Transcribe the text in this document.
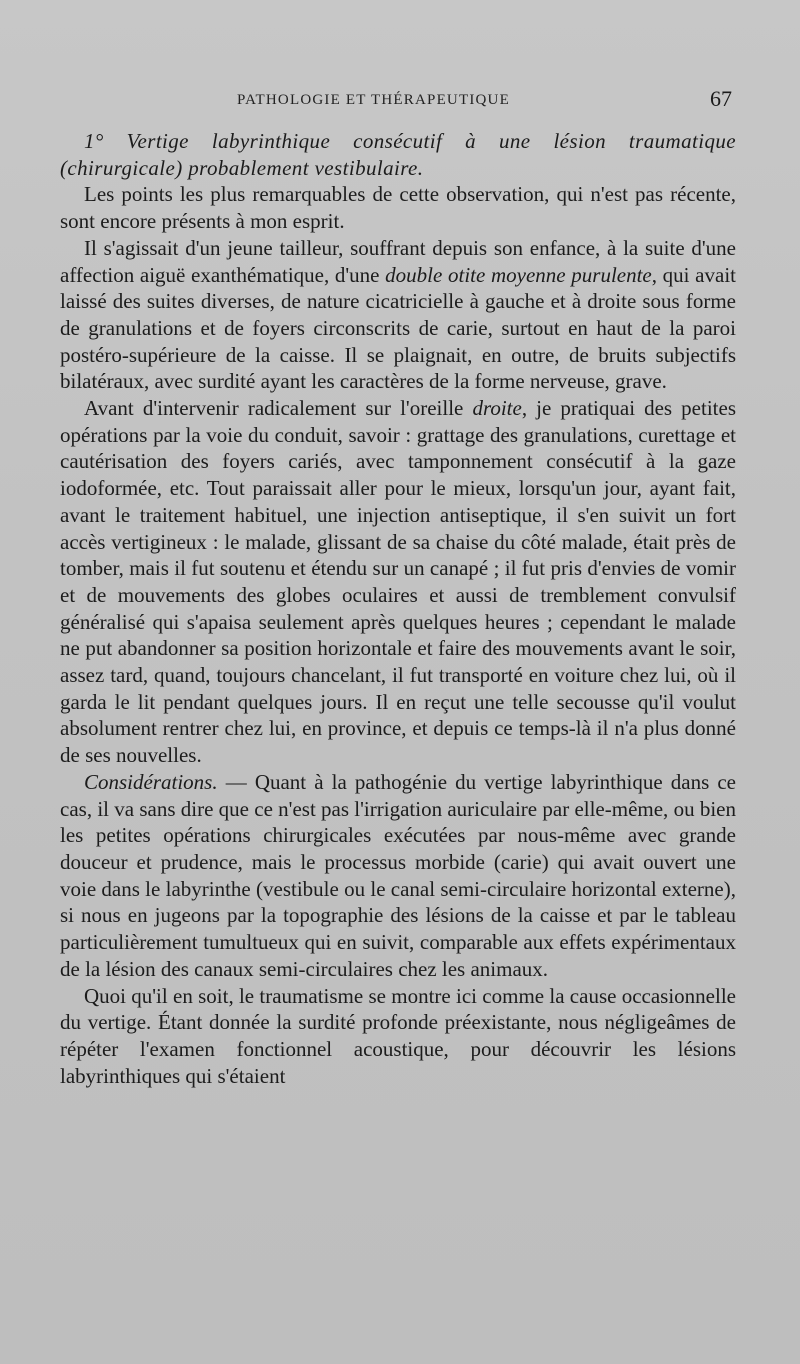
PATHOLOGIE ET THÉRAPEUTIQUE	67

1° Vertige labyrinthique consécutif à une lésion traumatique (chirurgicale) probablement vestibulaire.

Les points les plus remarquables de cette observation, qui n'est pas récente, sont encore présents à mon esprit.

Il s'agissait d'un jeune tailleur, souffrant depuis son enfance, à la suite d'une affection aiguë exanthématique, d'une double otite moyenne purulente, qui avait laissé des suites diverses, de nature cicatricielle à gauche et à droite sous forme de granulations et de foyers circonscrits de carie, surtout en haut de la paroi postéro-supérieure de la caisse. Il se plaignait, en outre, de bruits subjectifs bilatéraux, avec surdité ayant les caractères de la forme nerveuse, grave.

Avant d'intervenir radicalement sur l'oreille droite, je pratiquai des petites opérations par la voie du conduit, savoir : grattage des granulations, curettage et cautérisation des foyers cariés, avec tamponnement consécutif à la gaze iodoformée, etc. Tout paraissait aller pour le mieux, lorsqu'un jour, ayant fait, avant le traitement habituel, une injection antiseptique, il s'en suivit un fort accès vertigineux : le malade, glissant de sa chaise du côté malade, était près de tomber, mais il fut soutenu et étendu sur un canapé ; il fut pris d'envies de vomir et de mouvements des globes oculaires et aussi de tremblement convulsif généralisé qui s'apaisa seulement après quelques heures ; cependant le malade ne put abandonner sa position horizontale et faire des mouvements avant le soir, assez tard, quand, toujours chancelant, il fut transporté en voiture chez lui, où il garda le lit pendant quelques jours. Il en reçut une telle secousse qu'il voulut absolument rentrer chez lui, en province, et depuis ce temps-là il n'a plus donné de ses nouvelles.

Considérations. — Quant à la pathogénie du vertige labyrinthique dans ce cas, il va sans dire que ce n'est pas l'irrigation auriculaire par elle-même, ou bien les petites opérations chirurgicales exécutées par nous-même avec grande douceur et prudence, mais le processus morbide (carie) qui avait ouvert une voie dans le labyrinthe (vestibule ou le canal semi-circulaire horizontal externe), si nous en jugeons par la topographie des lésions de la caisse et par le tableau particulièrement tumultueux qui en suivit, comparable aux effets expérimentaux de la lésion des canaux semi-circulaires chez les animaux.

Quoi qu'il en soit, le traumatisme se montre ici comme la cause occasionnelle du vertige. Étant donnée la surdité profonde préexistante, nous négligeâmes de répéter l'examen fonctionnel acoustique, pour découvrir les lésions labyrinthiques qui s'étaient
